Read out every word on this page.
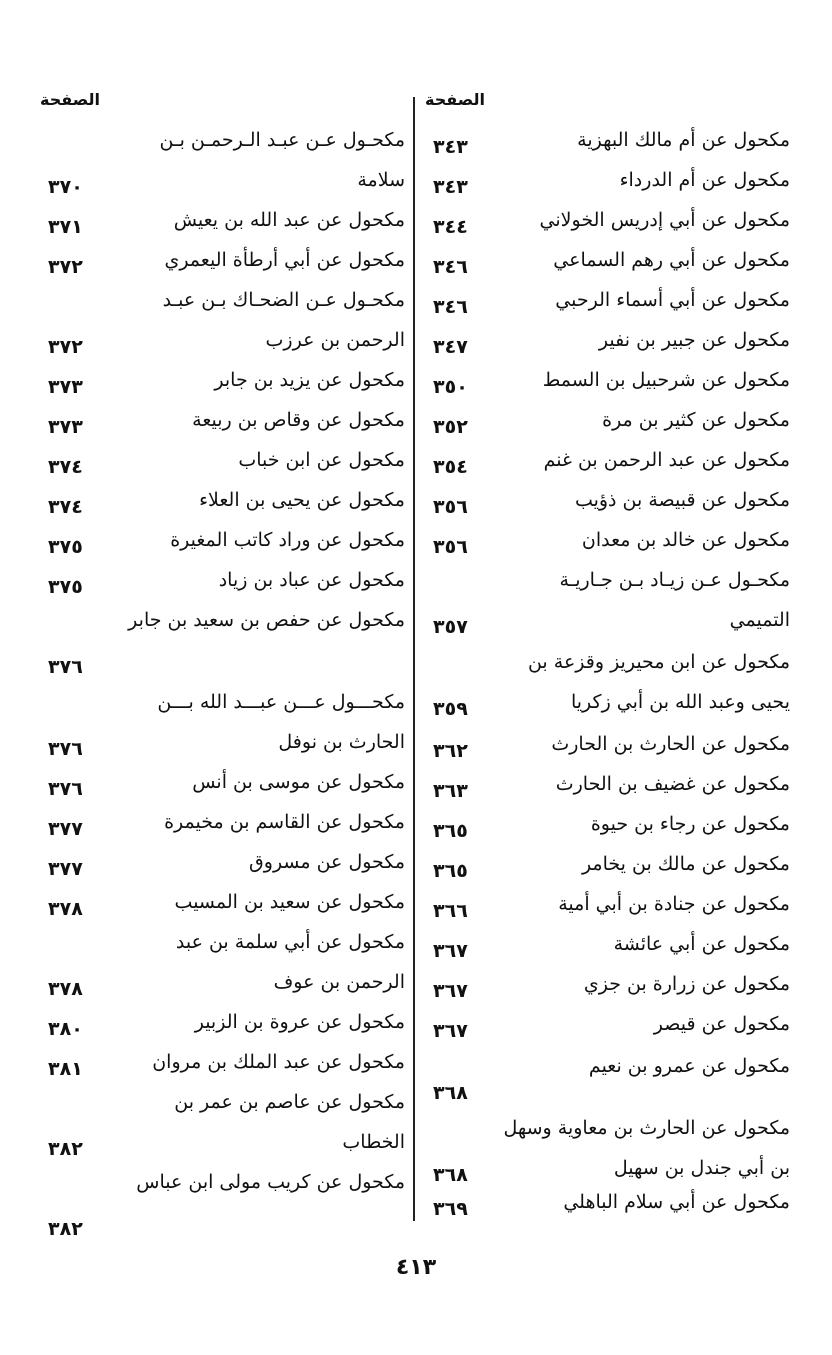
الصفحة
مكحول عن أم مالك البهزية
٣٤٣
مكحول عن أم الدرداء
٣٤٣
مكحول عن أبي إدريس الخولاني
٣٤٤
مكحول عن أبي رهم السماعي
٣٤٦
مكحول عن أبي أسماء الرحبي
٣٤٦
مكحول عن جبير بن نفير
٣٤٧
مكحول عن شرحبيل بن السمط
٣٥٠
مكحول عن كثير بن مرة
٣٥٢
مكحول عن عبد الرحمن بن غنم
٣٥٤
مكحول عن قبيصة بن ذؤيب
٣٥٦
مكحول عن خالد بن معدان
٣٥٦
مكحـول عـن زيـاد بـن جـاريـة التميمي
٣٥٧
مكحول عن ابن محيريز وقزعة بن يحيى وعبد الله بن أبي زكريا
٣٥٩
مكحول عن الحارث بن الحارث
٣٦٢
مكحول عن غضيف بن الحارث
٣٦٣
مكحول عن رجاء بن حيوة
٣٦٥
مكحول عن مالك بن يخامر
٣٦٥
مكحول عن جنادة بن أبي أمية
٣٦٦
مكحول عن أبي عائشة
٣٦٧
مكحول عن زرارة بن جزي
٣٦٧
مكحول عن قيصر
٣٦٧
مكحول عن عمرو بن نعيم
٣٦٨
مكحول عن الحارث بن معاوية وسهل بن أبي جندل بن سهيل
٣٦٨
مكحول عن أبي سلام الباهلي
٣٦٩
الصفحة
مكحـول عـن عبـد الـرحمـن بـن سلامة
٣٧٠
مكحول عن عبد الله بن يعيش
٣٧١
مكحول عن أبي أرطأة اليعمري
٣٧٢
مكحـول عـن الضحـاك بـن عبـد الرحمن بن عرزب
٣٧٢
مكحول عن يزيد بن جابر
٣٧٣
مكحول عن وقاص بن ربيعة
٣٧٣
مكحول عن ابن خباب
٣٧٤
مكحول عن يحيى بن العلاء
٣٧٤
مكحول عن وراد كاتب المغيرة
٣٧٥
مكحول عن عباد بن زياد
٣٧٥
مكحول عن حفص بن سعيد بن جابر
٣٧٦
مكحـــول عـــن عبـــد الله بـــن الحارث بن نوفل
٣٧٦
مكحول عن موسى بن أنس
٣٧٦
مكحول عن القاسم بن مخيمرة
٣٧٧
مكحول عن مسروق
٣٧٧
مكحول عن سعيد بن المسيب
٣٧٨
مكحول عن أبي سلمة بن عبد الرحمن بن عوف
٣٧٨
مكحول عن عروة بن الزبير
٣٨٠
مكحول عن عبد الملك بن مروان
٣٨١
مكحول عن عاصم بن عمر بن الخطاب
٣٨٢
مكحول عن كريب مولى ابن عباس
٣٨٢
٤١٣
